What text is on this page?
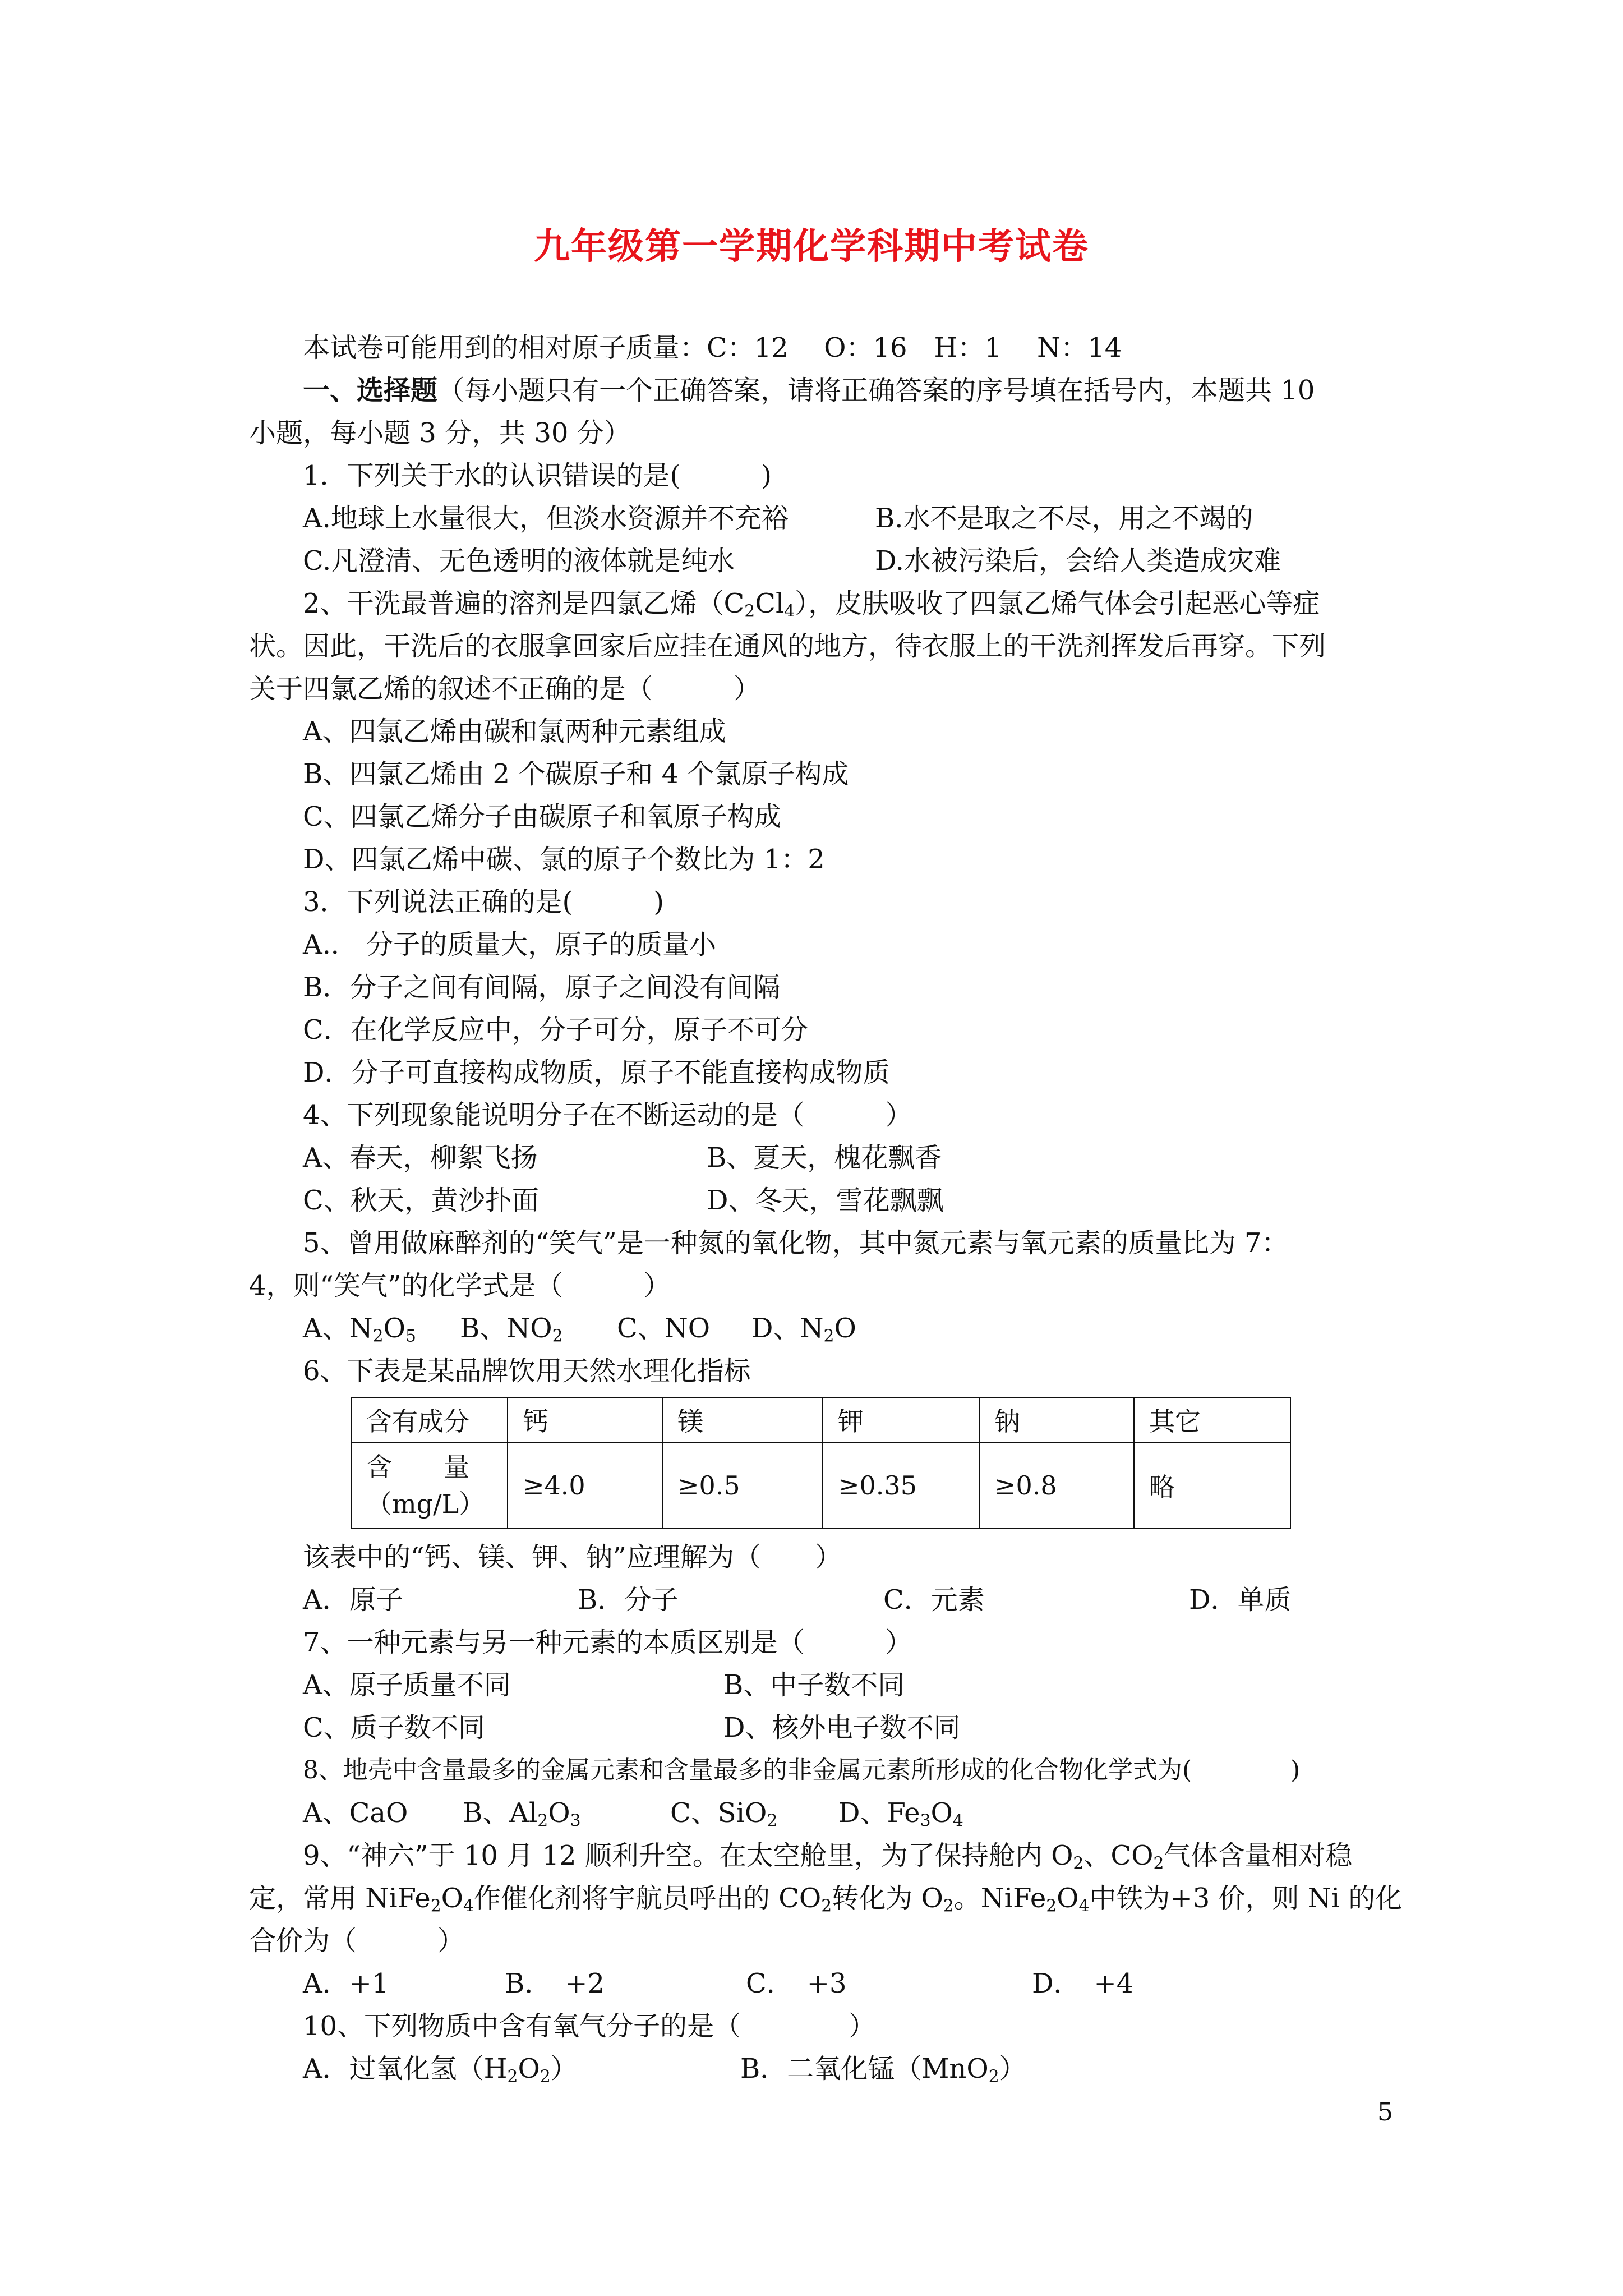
九年级第一学期化学科期中考试卷
本试卷可能用到的相对原子质量：C：12　 O：16　H：1　 N：14
一、选择题（每小题只有一个正确答案，请将正确答案的序号填在括号内，本题共 10
小题，每小题 3 分，共 30 分）
1．下列关于水的认识错误的是(　　　)
A.地球上水量很大，但淡水资源并不充裕	B.水不是取之不尽，用之不竭的
C.凡澄清、无色透明的液体就是纯水	D.水被污染后，会给人类造成灾难
2、干洗最普遍的溶剂是四氯乙烯$(C_2Cl_4)$，皮肤吸收了四氯乙烯气体会引起恶心等症
状。因此，干洗后的衣服拿回家后应挂在通风的地方，待衣服上的干洗剂挥发后再穿。下列
关于四氯乙烯的叙述不正确的是（　　　）
A、四氯乙烯由碳和氯两种元素组成
B、四氯乙烯由 2 个碳原子和 4 个氯原子构成
C、四氯乙烯分子由碳原子和氧原子构成
D、四氯乙烯中碳、氯的原子个数比为 1：2
3．下列说法正确的是(　　　)
A.． 分子的质量大，原子的质量小
B．分子之间有间隔，原子之间没有间隔
C．在化学反应中，分子可分，原子不可分
D．分子可直接构成物质，原子不能直接构成物质
4、下列现象能说明分子在不断运动的是（　　　）
A、春天，柳絮飞扬	B、夏天，槐花飘香
C、秋天，黄沙扑面	D、冬天，雪花飘飘
5、曾用做麻醉剂的“笑气”是一种氮的氧化物，其中氮元素与氧元素的质量比为 7：
4，则“笑气”的化学式是（　　　）
A、$N_2O_5$ B、$NO_2$ C、NO D、$N_2O$
6、下表是某品牌饮用天然水理化指标
含有成分	钙	镁	钾	钠	其它

含　　量
（mg/L）	≥4.0	≥0.5	≥0.35	≥0.8	略
该表中的“钙、镁、钾、钠”应理解为（　　）
A．原子	B．分子	C．元素	D．单质
7、一种元素与另一种元素的本质区别是（　　　）
A、原子质量不同	B、中子数不同
C、质子数不同	D、核外电子数不同
8、地壳中含量最多的金属元素和含量最多的非金属元素所形成的化合物化学式为(　　　　)
A、CaO B、$Al_2O_3$	C、SiO$_2$ D、$Fe_3O_4$
9、“神六”于 10 月 12 顺利升空。在太空舱里，为了保持舱内 $O_2$、$CO_2$气体含量相对稳
定，常用 $NiFe_2O_4$作催化剂将宇航员呼出的 $CO_2$转化为 $O_2$。$NiFe_2O_4$中铁为+3 价，则 Ni 的化
合价为（　　　）
A．+1	B．　+2	C．　+3	D．　+4
10、下列物质中含有氧气分子的是（　　　　）
A．过氧化氢$(H_2O_2)$	B．二氧化锰（MnO$_2$）
5
